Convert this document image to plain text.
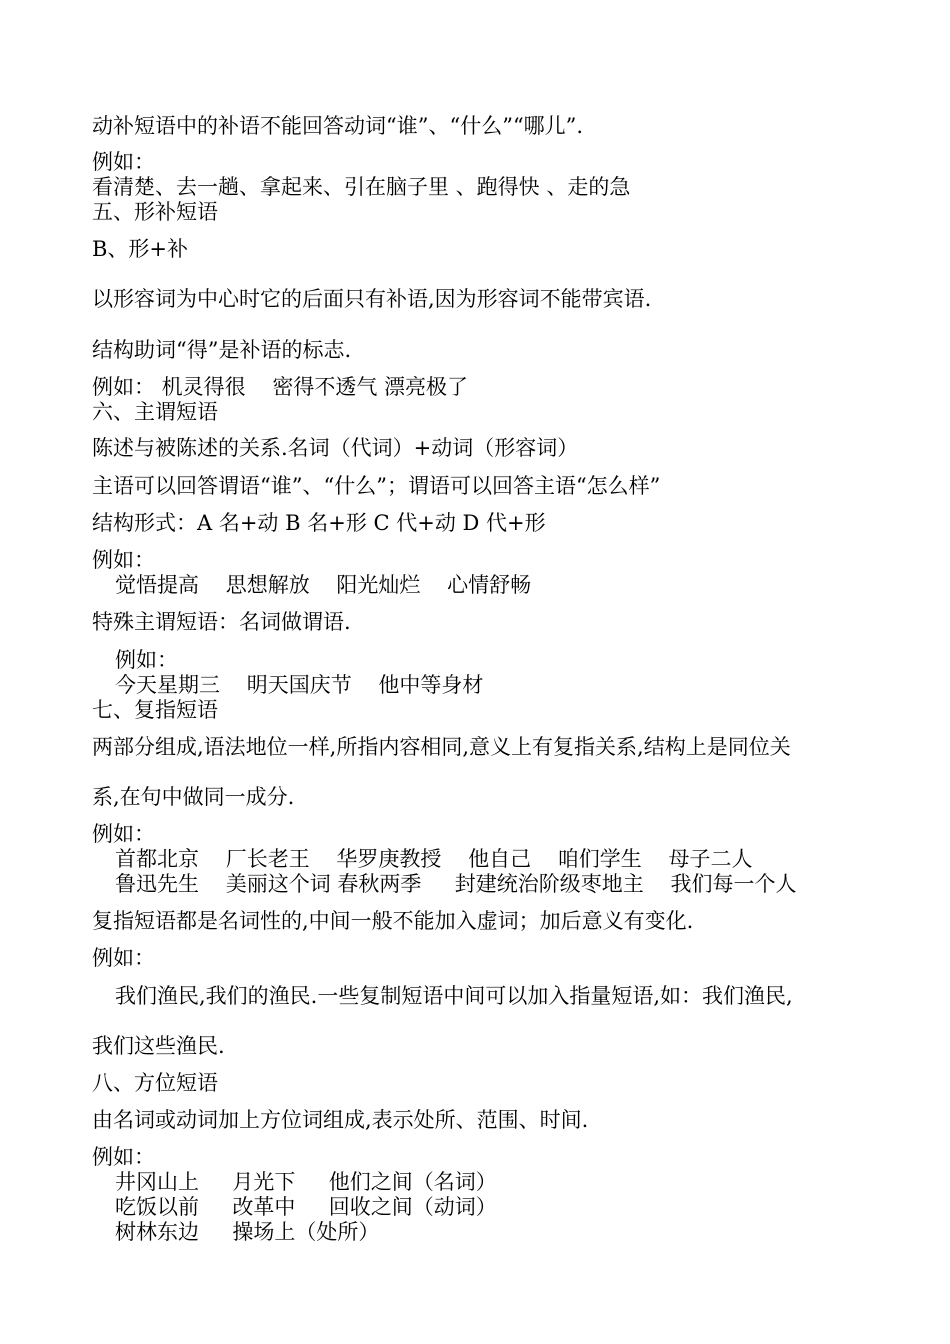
动补短语中的补语不能回答动词“谁”、“什么”“哪儿”.
例如：
看清楚、去一趟、拿起来、引在脑子里 、跑得快 、走的急
五、形补短语
B、形+补
以形容词为中心时它的后面只有补语,因为形容词不能带宾语.
结构助词“得”是补语的标志.
例如： 机灵得很    密得不透气 漂亮极了
六、主谓短语
陈述与被陈述的关系.名词（代词）+动词（形容词）
主语可以回答谓语“谁”、“什么”；谓语可以回答主语“怎么样”
结构形式：A 名+动 B 名+形 C 代+动 D 代+形
例如：
觉悟提高    思想解放    阳光灿烂    心情舒畅
特殊主谓短语：名词做谓语.
例如：
今天星期三    明天国庆节    他中等身材
七、复指短语
两部分组成,语法地位一样,所指内容相同,意义上有复指关系,结构上是同位关
系,在句中做同一成分.
例如：
首都北京    厂长老王    华罗庚教授    他自己    咱们学生    母子二人
鲁迅先生    美丽这个词 春秋两季     封建统治阶级枣地主    我们每一个人
复指短语都是名词性的,中间一般不能加入虚词；加后意义有变化.
例如：
我们渔民,我们的渔民.一些复制短语中间可以加入指量短语,如：我们渔民,
我们这些渔民.
八、方位短语
由名词或动词加上方位词组成,表示处所、范围、时间.
例如：
井冈山上     月光下     他们之间（名词）
吃饭以前     改革中     回收之间（动词）
树林东边     操场上（处所）
